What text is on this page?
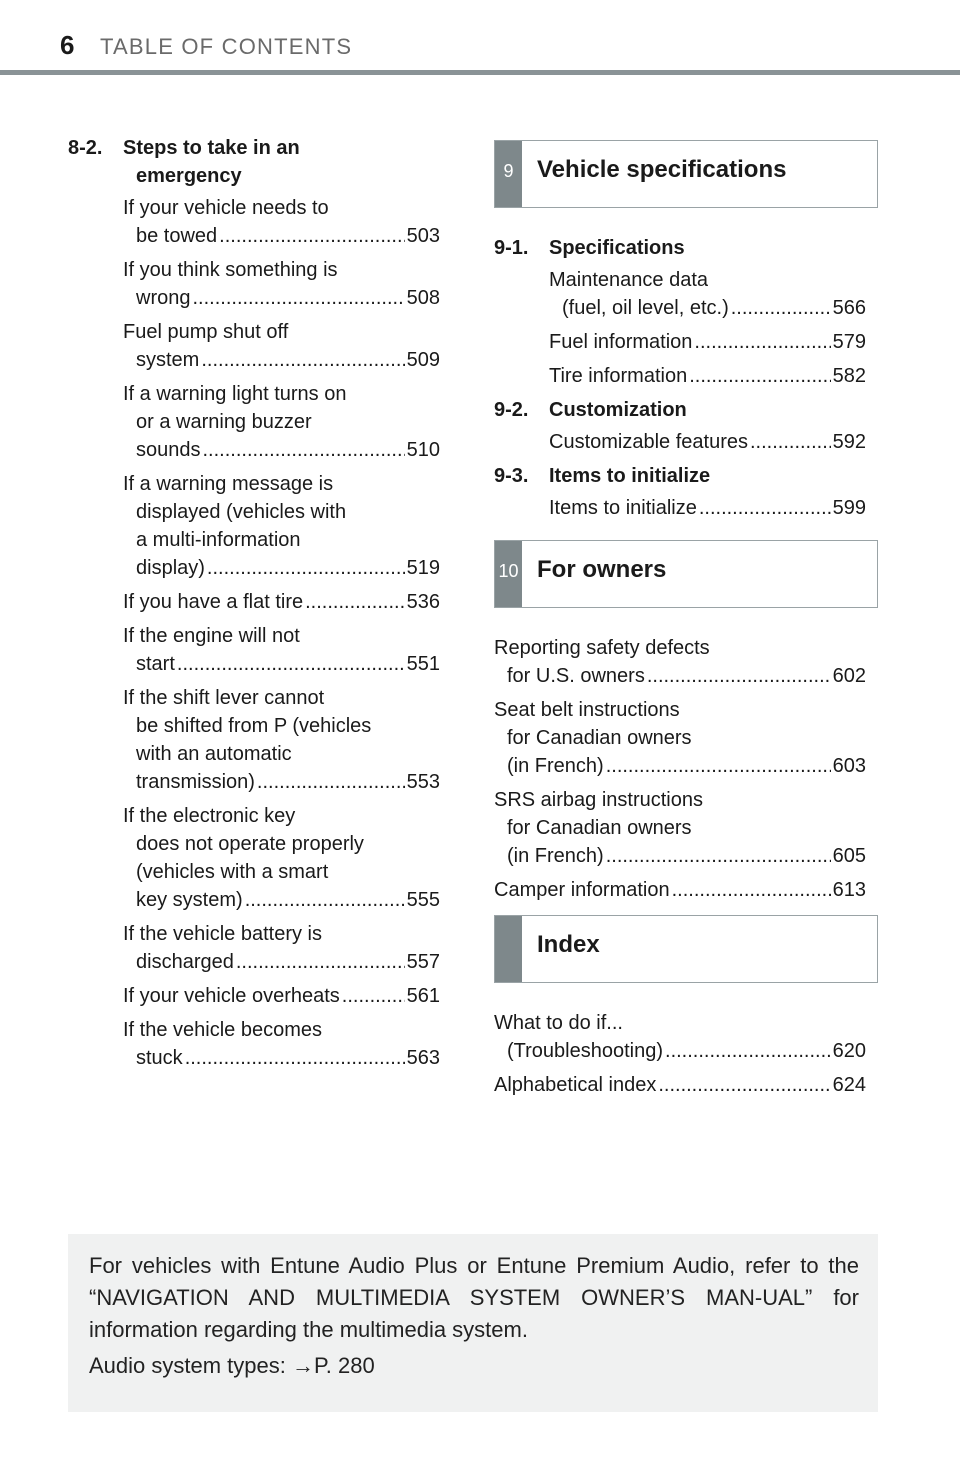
6 TABLE OF CONTENTS
8-2.	Steps to take in an
emergency
If your vehicle needs to
be towed .....	503
If you think something is
wrong .....	508
Fuel pump shut off
system .....	509
If a warning light turns on
or a warning buzzer
sounds .....	510
If a warning message is
displayed (vehicles with
a multi-information
display) .....	519
If you have a flat tire .....	536
If the engine will not
start .....	551
If the shift lever cannot
be shifted from P (vehicles
with an automatic
transmission) .....	553
If the electronic key
does not operate properly
(vehicles with a smart
key system) .....	555
If the vehicle battery is
discharged .....	557
If your vehicle overheats .....	561
If the vehicle becomes
stuck .....	563
9 Vehicle specifications
9-1.	Specifications
Maintenance data
(fuel, oil level, etc.) .....	566
Fuel information .....	579
Tire information .....	582
9-2.	Customization
Customizable features .....	592
9-3.	Items to initialize
Items to initialize .....	599
10 For owners
Reporting safety defects
for U.S. owners .....	602
Seat belt instructions
for Canadian owners
(in French) .....	603
SRS airbag instructions
for Canadian owners
(in French) .....	605
Camper information .....	613
Index
What to do if...
(Troubleshooting) .....	620
Alphabetical index .....	624

For vehicles with Entune Audio Plus or Entune Premium Audio, refer to the “NAVIGATION AND MULTIMEDIA SYSTEM OWNER’S MAN-UAL” for information regarding the multimedia system.

Audio system types: →P. 280
